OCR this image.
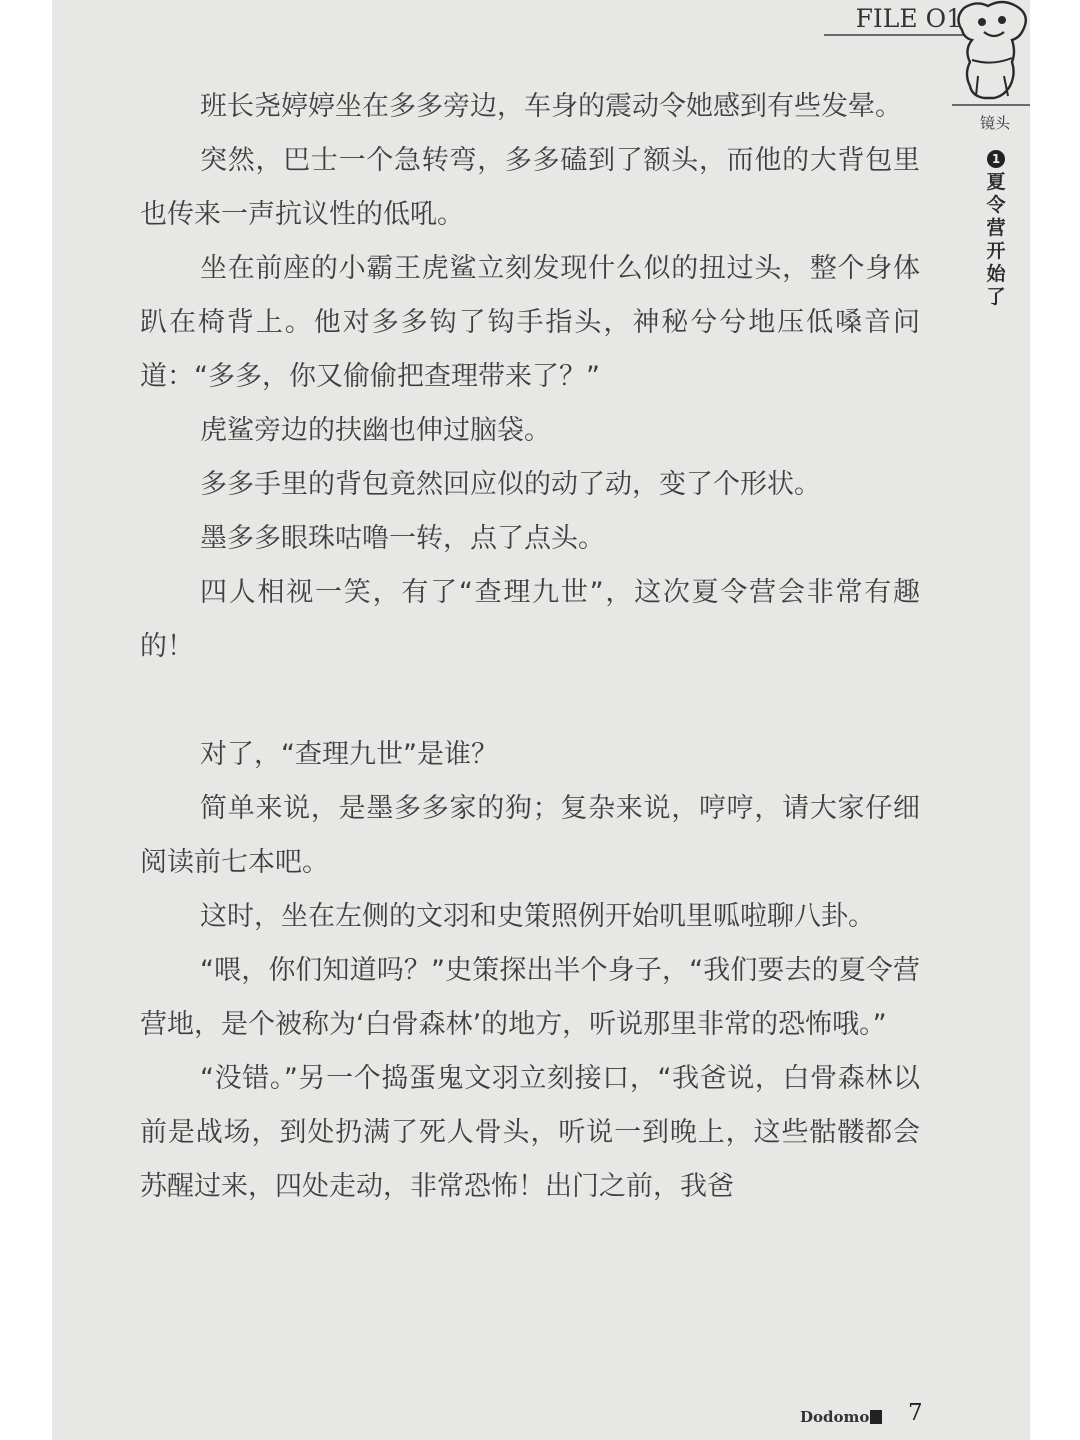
FILE O1
镜头
1
夏令营开始了

班长尧婷婷坐在多多旁边，车身的震动令她感到有些发晕。

突然，巴士一个急转弯，多多磕到了额头，而他的大背包里也传来一声抗议性的低吼。

坐在前座的小霸王虎鲨立刻发现什么似的扭过头，整个身体趴在椅背上。他对多多钩了钩手指头，神秘兮兮地压低嗓音问道：“多多，你又偷偷把查理带来了？”

虎鲨旁边的扶幽也伸过脑袋。

多多手里的背包竟然回应似的动了动，变了个形状。

墨多多眼珠咕噜一转，点了点头。

四人相视一笑，有了“查理九世”，这次夏令营会非常有趣的！

对了，“查理九世”是谁？

简单来说，是墨多多家的狗；复杂来说，哼哼，请大家仔细阅读前七本吧。

这时，坐在左侧的文羽和史策照例开始叽里呱啦聊八卦。

“喂，你们知道吗？”史策探出半个身子，“我们要去的夏令营营地，是个被称为‘白骨森林’的地方，听说那里非常的恐怖哦。”

“没错。”另一个捣蛋鬼文羽立刻接口，“我爸说，白骨森林以前是战场，到处扔满了死人骨头，听说一到晚上，这些骷髅都会苏醒过来，四处走动，非常恐怖！出门之前，我爸

Dodomo	7
